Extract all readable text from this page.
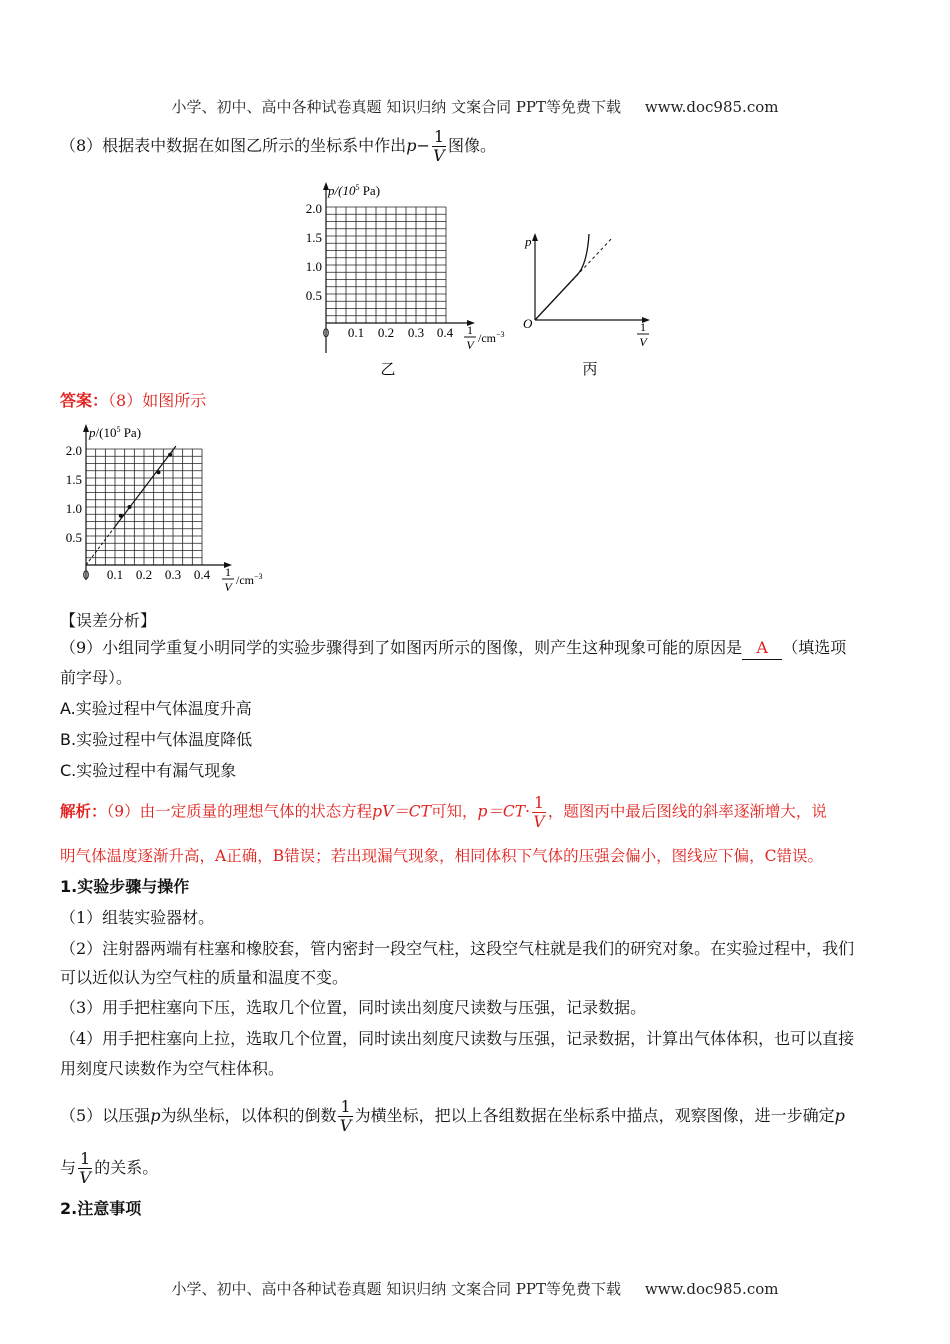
小学、初中、高中各种试卷真题 知识归纳 文案合同 PPT等免费下载 www.doc985.com
（8）根据表中数据在如图乙所示的坐标系中作出$p- \frac{1}{V}$ 图像。
$p/(10^5$ Pa)
2.0
1.5
1.0
0.5
0 0.1 0.2 0.3 0.4 1
V $/cm^{-3}$
乙
p
O	1
V
丙
答案：（8）如图所示
$p/(10^5$ Pa)
2.0
1.5
1.0
0.5
0 0.1 0.2 0.3 0.4 1
V $/cm^{-3}$
【误差分析】
（9）小组同学重复小明同学的实验步骤得到了如图丙所示的图像，则产生这种现象可能的原因是 A （填选项
前字母）。
A.实验过程中气体温度升高
B.实验过程中气体温度降低
C.实验过程中有漏气现象
解析：（9）由一定质量的理想气体的状态方程pV＝CT可知，$p=CT\cdot \frac{1}{V}$ ，题图丙中最后图线的斜率逐渐增大，说
明气体温度逐渐升高，A正确，B错误；若出现漏气现象，相同体积下气体的压强会偏小，图线应下偏，C错误。
1.实验步骤与操作
（1）组装实验器材。
（2）注射器两端有柱塞和橡胶套，管内密封一段空气柱，这段空气柱就是我们的研究对象。在实验过程中，我们
可以近似认为空气柱的质量和温度不变。
（3）用手把柱塞向下压，选取几个位置，同时读出刻度尺读数与压强，记录数据。
（4）用手把柱塞向上拉，选取几个位置，同时读出刻度尺读数与压强，记录数据，计算出气体体积，也可以直接
用刻度尺读数作为空气柱体积。
（5）以压强p为纵坐标，以体积的倒数 $\frac{1}{V}$ 为横坐标，把以上各组数据在坐标系中描点，观察图像，进一步确定p
与 $\frac{1}{V}$ 的关系。
2.注意事项
小学、初中、高中各种试卷真题 知识归纳 文案合同 PPT等免费下载 www.doc985.com
